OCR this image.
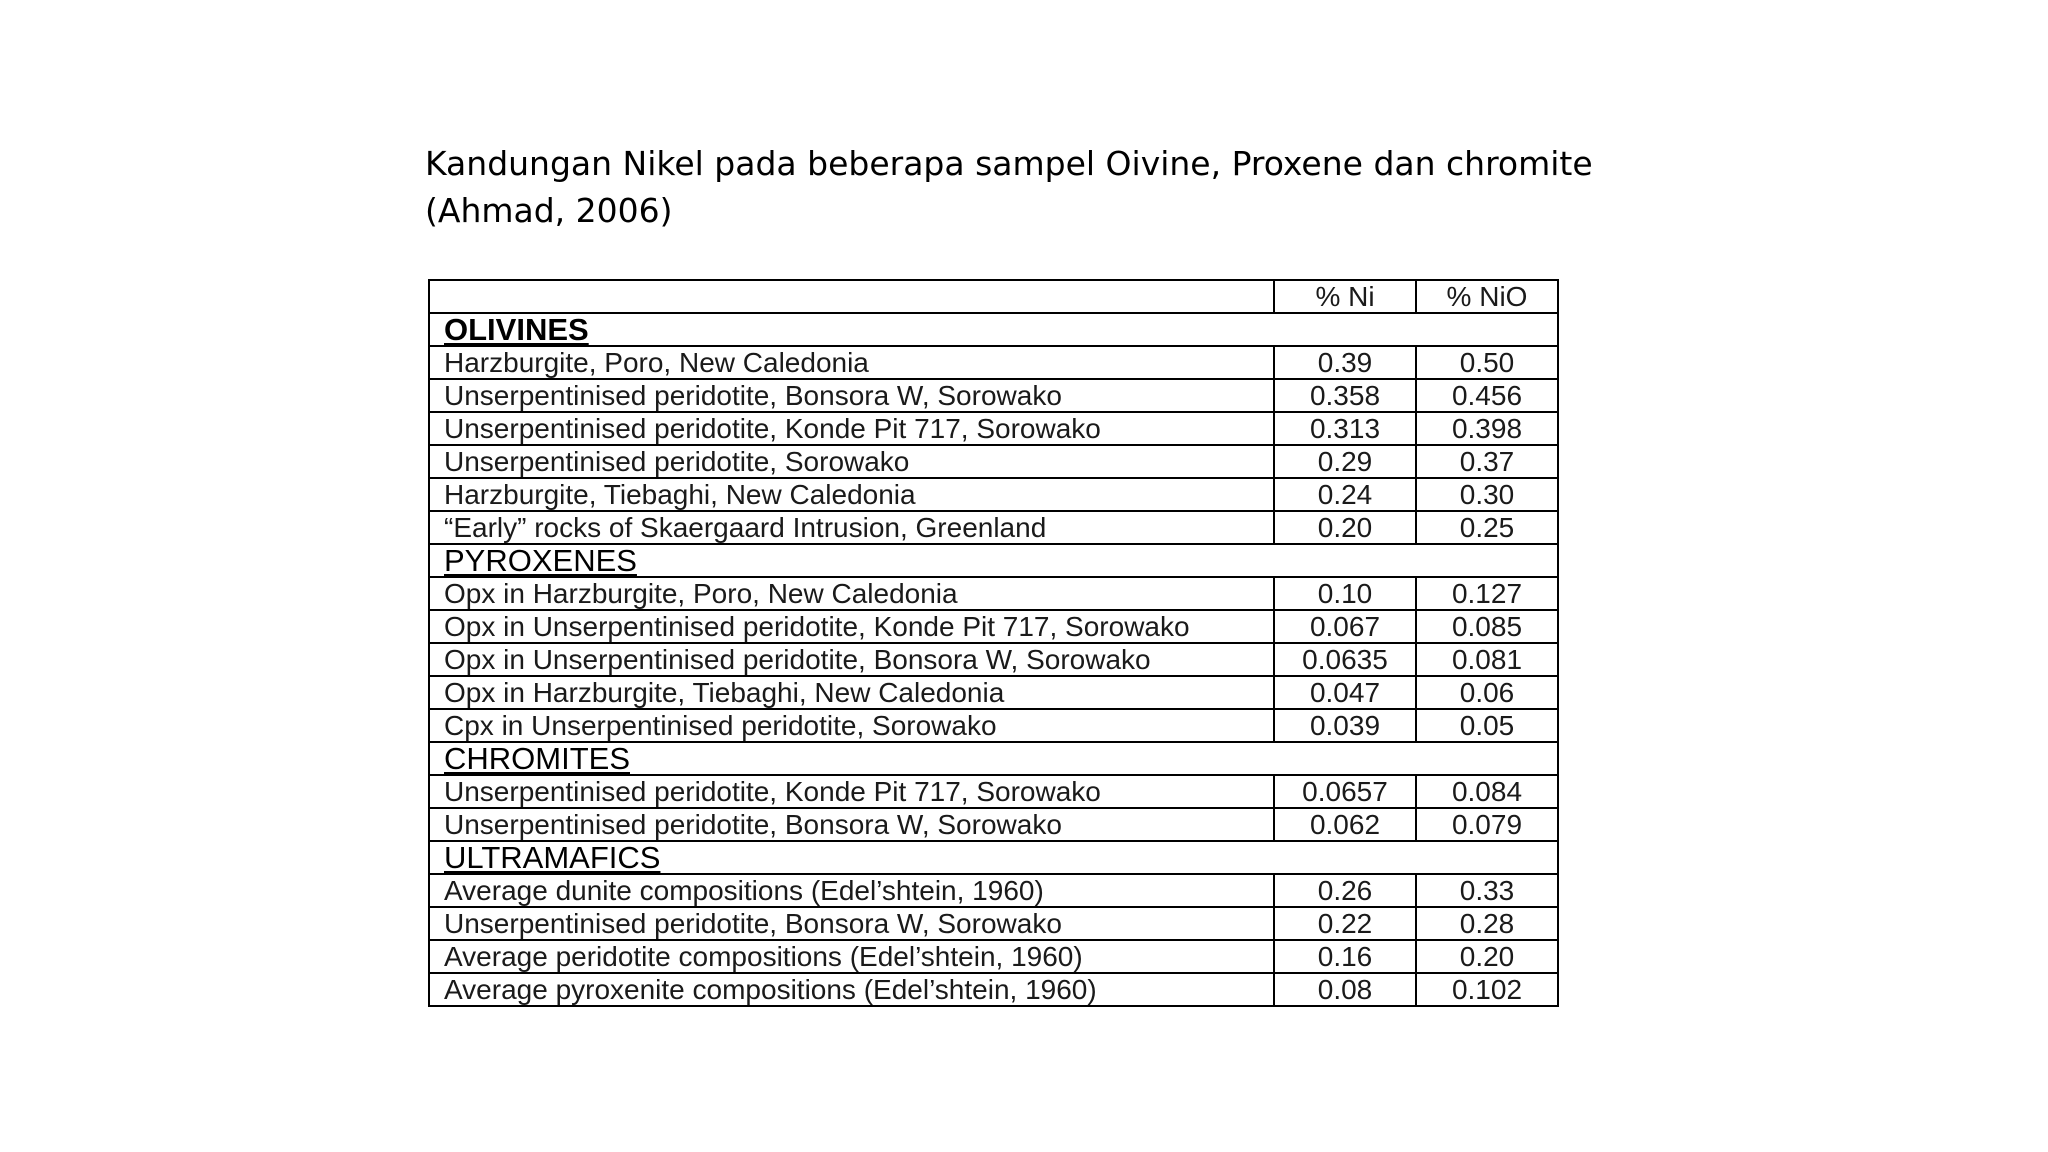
Kandungan Nikel pada beberapa sampel Oivine, Proxene dan chromite
(Ahmad, 2006)
	% Ni	% NiO
OLIVINES		
Harzburgite, Poro, New Caledonia	0.39	0.50
Unserpentinised peridotite, Bonsora W, Sorowako	0.358	0.456
Unserpentinised peridotite, Konde Pit 717, Sorowako	0.313	0.398
Unserpentinised peridotite, Sorowako	0.29	0.37
Harzburgite, Tiebaghi, New Caledonia	0.24	0.30
“Early” rocks of Skaergaard Intrusion, Greenland	0.20	0.25
PYROXENES		
Opx in Harzburgite, Poro, New Caledonia	0.10	0.127
Opx in Unserpentinised peridotite, Konde Pit 717, Sorowako	0.067	0.085
Opx in Unserpentinised peridotite, Bonsora W, Sorowako	0.0635	0.081
Opx in Harzburgite, Tiebaghi, New Caledonia	0.047	0.06
Cpx in Unserpentinised peridotite, Sorowako	0.039	0.05
CHROMITES		
Unserpentinised peridotite, Konde Pit 717, Sorowako	0.0657	0.084
Unserpentinised peridotite, Bonsora W, Sorowako	0.062	0.079
ULTRAMAFICS		
Average dunite compositions (Edel’shtein, 1960)	0.26	0.33
Unserpentinised peridotite, Bonsora W, Sorowako	0.22	0.28
Average peridotite compositions (Edel’shtein, 1960)	0.16	0.20
Average pyroxenite compositions (Edel’shtein, 1960)	0.08	0.102
